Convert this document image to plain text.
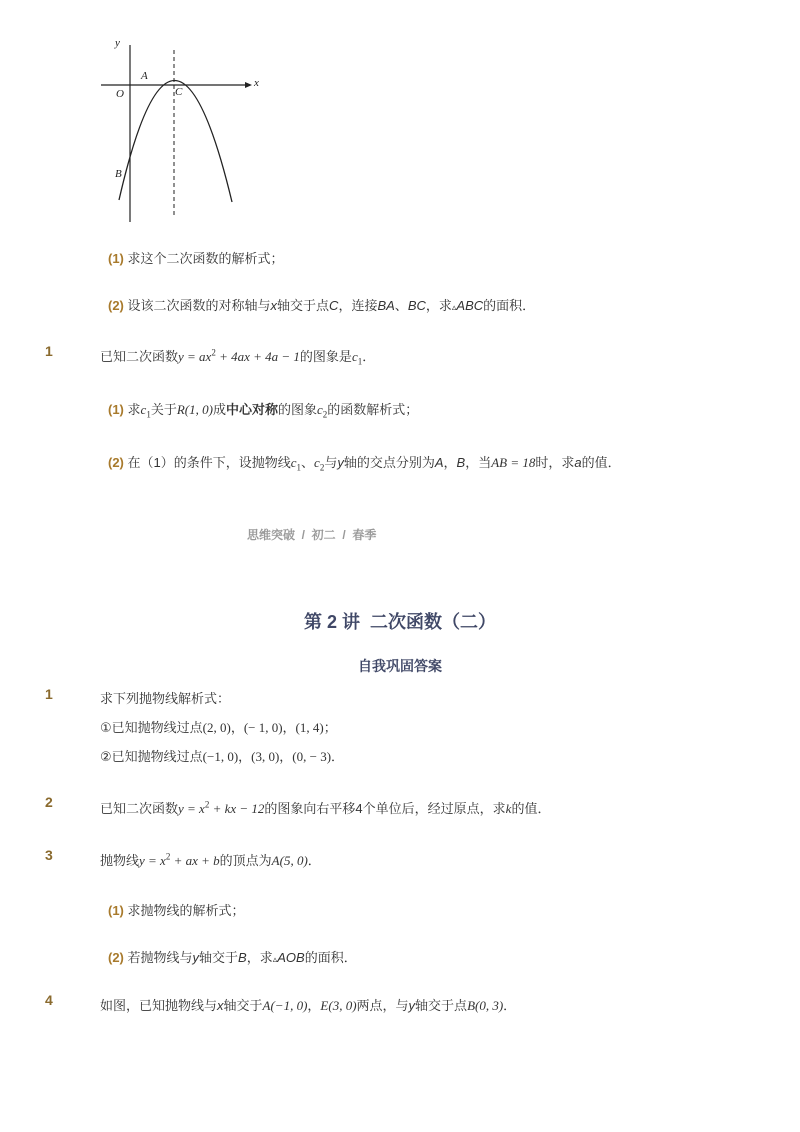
y
x
A
O	C
B
(1) 求这个二次函数的解析式；
(2) 设该二次函数的对称轴与x轴交于点C，连接BA、BC，求▵ABC的面积．
1	已知二次函数$y = ax^2 + 4ax + 4a - 1$的图象是$c_1$．
(1) 求$c_1$关于R(1, 0)成中心对称的图象$c_2$的函数解析式；
(2) 在（1）的条件下，设抛物线$c_1$、$c_2$与y轴的交点分别为A，B，当AB = 18时，求a的值．
思维突破  /  初二  /  春季
第 2 讲  二次函数（二）
自我巩固答案
1	求下列抛物线解析式：
①已知抛物线过点(2, 0)，(− 1, 0)，(1, 4)；
②已知抛物线过点(−1, 0)，(3, 0)，(0, − 3)．
2	已知二次函数$y = x^2$ + kx − 12的图象向右平移4个单位后，经过原点，求k的值．
3	抛物线$y = x^2$ + ax + b的顶点为A(5, 0)．
(1) 求抛物线的解析式；
(2) 若抛物线与y轴交于B，求▵AOB的面积．
4	如图，已知抛物线与x轴交于A(−1, 0)，E(3, 0)两点，与y轴交于点B(0, 3)．
